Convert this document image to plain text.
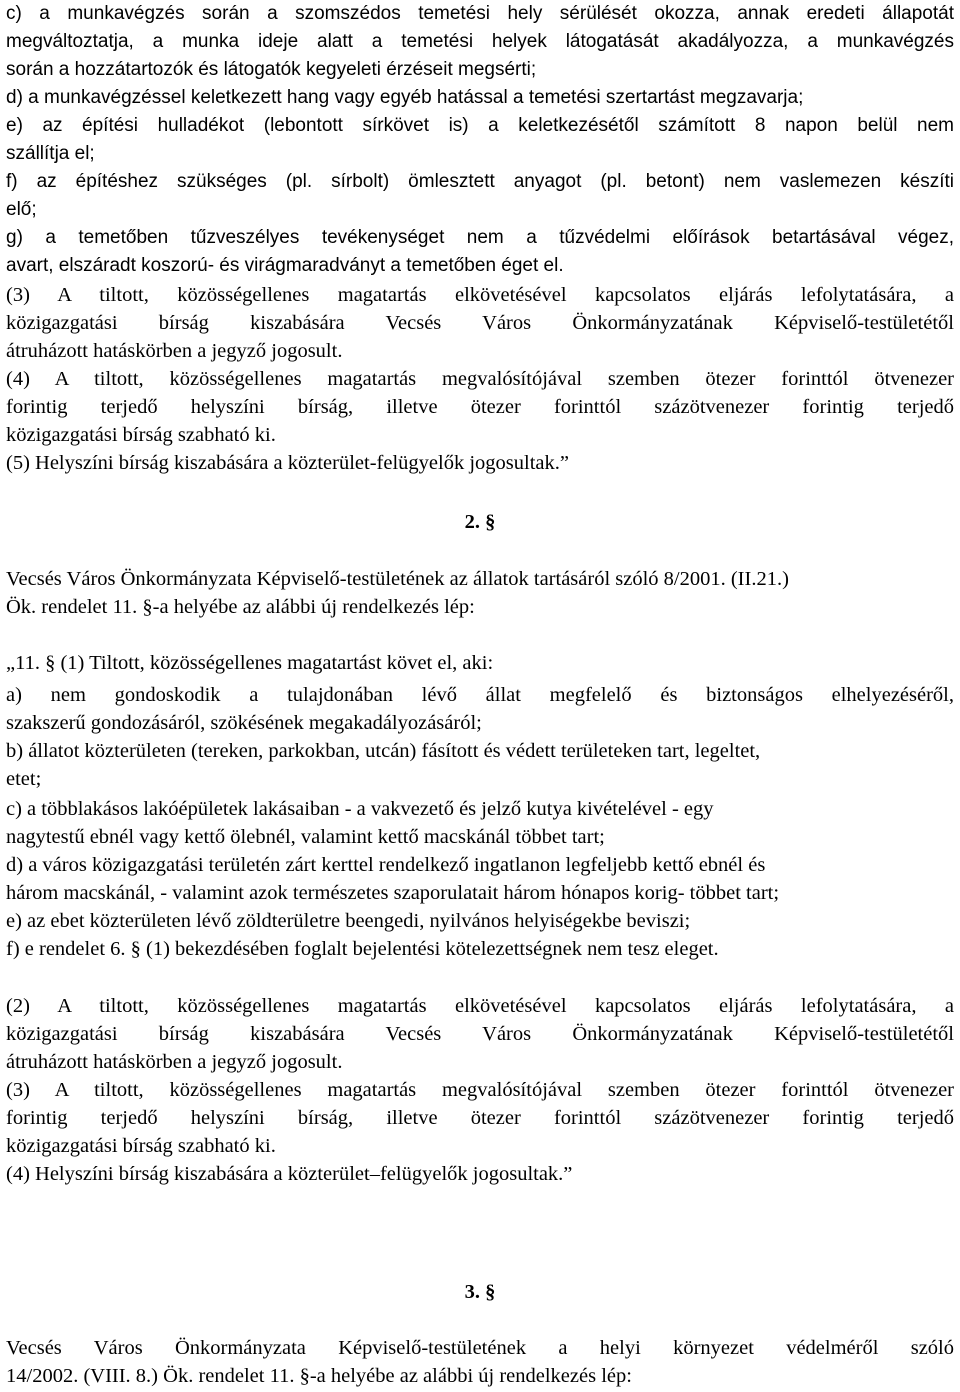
c) a munkavégzés során a szomszédos temetési hely sérülését okozza, annak eredeti állapotát
megváltoztatja, a munka ideje alatt a temetési helyek látogatását akadályozza, a munkavégzés
során a hozzátartozók és látogatók kegyeleti érzéseit megsérti;
d) a munkavégzéssel keletkezett hang vagy egyéb hatással a temetési szertartást megzavarja;
e) az építési hulladékot (lebontott sírkövet is) a keletkezésétől számított 8 napon belül nem
szállítja el;
f) az építéshez szükséges (pl. sírbolt) ömlesztett anyagot (pl. betont) nem vaslemezen készíti
elő;
g) a temetőben tűzveszélyes tevékenységet nem a tűzvédelmi előírások betartásával végez,
avart, elszáradt koszorú- és virágmaradványt a temetőben éget el.
(3) A tiltott, közösségellenes magatartás elkövetésével kapcsolatos eljárás lefolytatására, a
közigazgatási bírság kiszabására Vecsés Város Önkormányzatának Képviselő-testületétől
átruházott hatáskörben a jegyző jogosult.
(4) A tiltott, közösségellenes magatartás megvalósítójával szemben ötezer forinttól ötvenezer
forintig terjedő helyszíni bírság, illetve ötezer forinttól százötvenezer forintig terjedő
közigazgatási bírság szabható ki.
(5) Helyszíni bírság kiszabására a közterület-felügyelők jogosultak.”
2. §
Vecsés Város Önkormányzata Képviselő-testületének az állatok tartásáról szóló 8/2001. (II.21.)
Ök. rendelet 11. §-a helyébe az alábbi új rendelkezés lép:
„11. § (1) Tiltott, közösségellenes magatartást követ el, aki:
a) nem gondoskodik a tulajdonában lévő állat megfelelő és biztonságos elhelyezéséről,
szakszerű gondozásáról, szökésének megakadályozásáról;
b) állatot közterületen (tereken, parkokban, utcán) fásított és védett területeken tart, legeltet,
etet;
c) a többlakásos lakóépületek lakásaiban - a vakvezető és jelző kutya kivételével - egy
nagytestű ebnél vagy kettő ölebnél, valamint kettő macskánál többet tart;
d) a város közigazgatási területén zárt kerttel rendelkező ingatlanon legfeljebb kettő ebnél és
három macskánál, - valamint azok természetes szaporulatait három hónapos korig- többet tart;
e) az ebet közterületen lévő zöldterületre beengedi, nyilvános helyiségekbe beviszi;
f) e rendelet 6. § (1) bekezdésében foglalt bejelentési kötelezettségnek nem tesz eleget.
(2) A tiltott, közösségellenes magatartás elkövetésével kapcsolatos eljárás lefolytatására, a
közigazgatási bírság kiszabására Vecsés Város Önkormányzatának Képviselő-testületétől
átruházott hatáskörben a jegyző jogosult.
(3) A tiltott, közösségellenes magatartás megvalósítójával szemben ötezer forinttól ötvenezer
forintig terjedő helyszíni bírság, illetve ötezer forinttól százötvenezer forintig terjedő
közigazgatási bírság szabható ki.
(4) Helyszíni bírság kiszabására a közterület–felügyelők jogosultak.”
3. §
Vecsés Város Önkormányzata Képviselő-testületének a helyi környezet védelméről szóló
14/2002. (VIII. 8.) Ök. rendelet 11. §-a helyébe az alábbi új rendelkezés lép:
